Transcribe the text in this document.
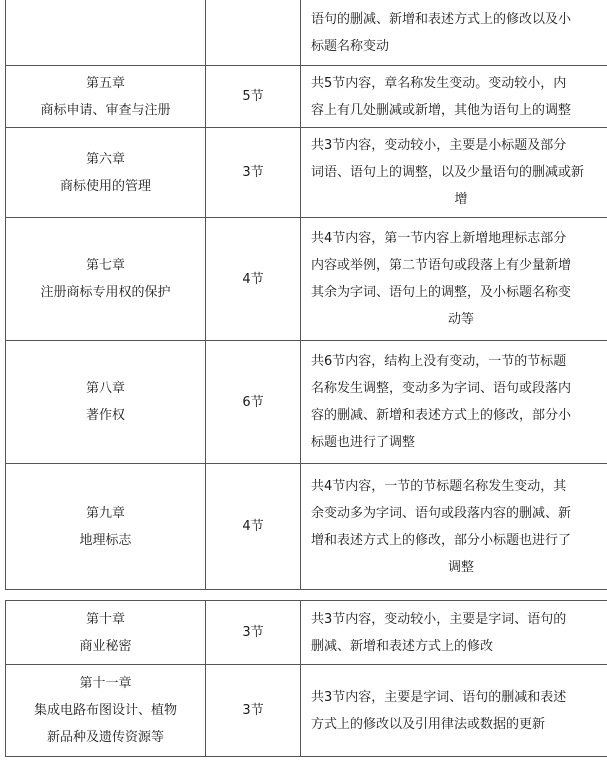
		语句的删减、新增和表述方式上的修改以及小
标题名称变动

第五章
商标申请、审查与注册	5节	共5节内容，章名称发生变动。变动较小，内
容上有几处删减或新增，其他为语句上的调整

第六章
商标使用的管理	3节	共3节内容，变动较小，主要是小标题及部分
词语、语句上的调整，以及少量语句的删减或新
增

第七章
注册商标专用权的保护	4节	共4节内容，第一节内容上新增地理标志部分
内容或举例，第二节语句或段落上有少量新增
其余为字词、语句上的调整，及小标题名称变
动等

第八章
著作权	6节	共6节内容，结构上没有变动，一节的节标题
名称发生调整，变动多为字词、语句或段落内
容的删减、新增和表述方式上的修改，部分小
标题也进行了调整

第九章
地理标志	4节	共4节内容，一节的节标题名称发生变动，其
余变动多为字词、语句或段落内容的删减、新
增和表述方式上的修改，部分小标题也进行了
调整
第十章
商业秘密	3节	共3节内容，变动较小，主要是字词、语句的
删减、新增和表述方式上的修改

第十一章
集成电路布图设计、植物
新品种及遗传资源等	3节	共3节内容，主要是字词、语句的删减和表述
方式上的修改以及引用律法或数据的更新
